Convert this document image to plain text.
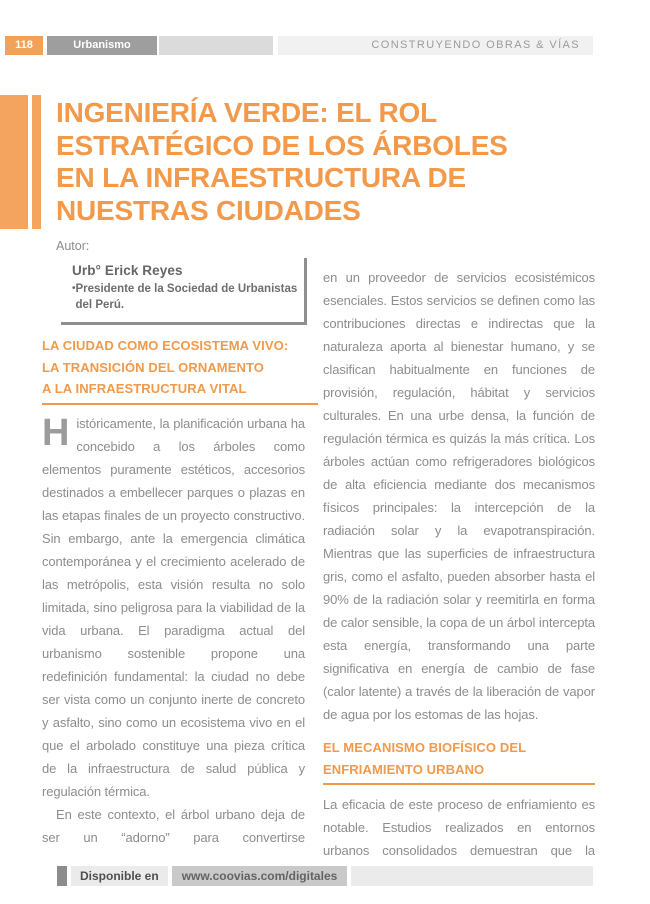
118	Urbanismo	CONSTRUYENDO OBRAS & VÍAS
INGENIERÍA VERDE: EL ROL
ESTRATÉGICO DE LOS ÁRBOLES
EN LA INFRAESTRUCTURA DE
NUESTRAS CIUDADES
Autor:
Urb° Erick Reyes
• Presidente de la Sociedad de Urbanistas
del Perú.
LA CIUDAD COMO ECOSISTEMA VIVO:
LA TRANSICIÓN DEL ORNAMENTO
A LA INFRAESTRUCTURA VITAL

Históricamente, la planificación urbana ha concebido a los árboles como elementos puramente estéticos, accesorios destinados a embellecer parques o plazas en las etapas finales de un proyecto constructivo. Sin embargo, ante la emergencia climática contemporánea y el crecimiento acelerado de las metrópolis, esta visión resulta no solo limitada, sino peligrosa para la viabilidad de la vida urbana. El paradigma actual del urbanismo sostenible propone una redefinición fundamental: la ciudad no debe ser vista como un conjunto inerte de concreto y asfalto, sino como un ecosistema vivo en el que el arbolado constituye una pieza crítica de la infraestructura de salud pública y regulación térmica.

En este contexto, el árbol urbano deja de ser un “adorno” para convertirse

en un proveedor de servicios ecosistémicos esenciales. Estos servicios se definen como las contribuciones directas e indirectas que la naturaleza aporta al bienestar humano, y se clasifican habitualmente en funciones de provisión, regulación, hábitat y servicios culturales. En una urbe densa, la función de regulación térmica es quizás la más crítica. Los árboles actúan como refrigeradores biológicos de alta eficiencia mediante dos mecanismos físicos principales: la intercepción de la radiación solar y la evapotranspiración. Mientras que las superficies de infraestructura gris, como el asfalto, pueden absorber hasta el 90% de la radiación solar y reemitirla en forma de calor sensible, la copa de un árbol intercepta esta energía, transformando una parte significativa en energía de cambio de fase (calor latente) a través de la liberación de vapor de agua por los estomas de las hojas.

EL MECANISMO BIOFÍSICO DEL
ENFRIAMIENTO URBANO

La eficacia de este proceso de enfriamiento es notable. Estudios realizados en entornos urbanos consolidados demuestran que la

Disponible en	www.coovias.com/digitales
